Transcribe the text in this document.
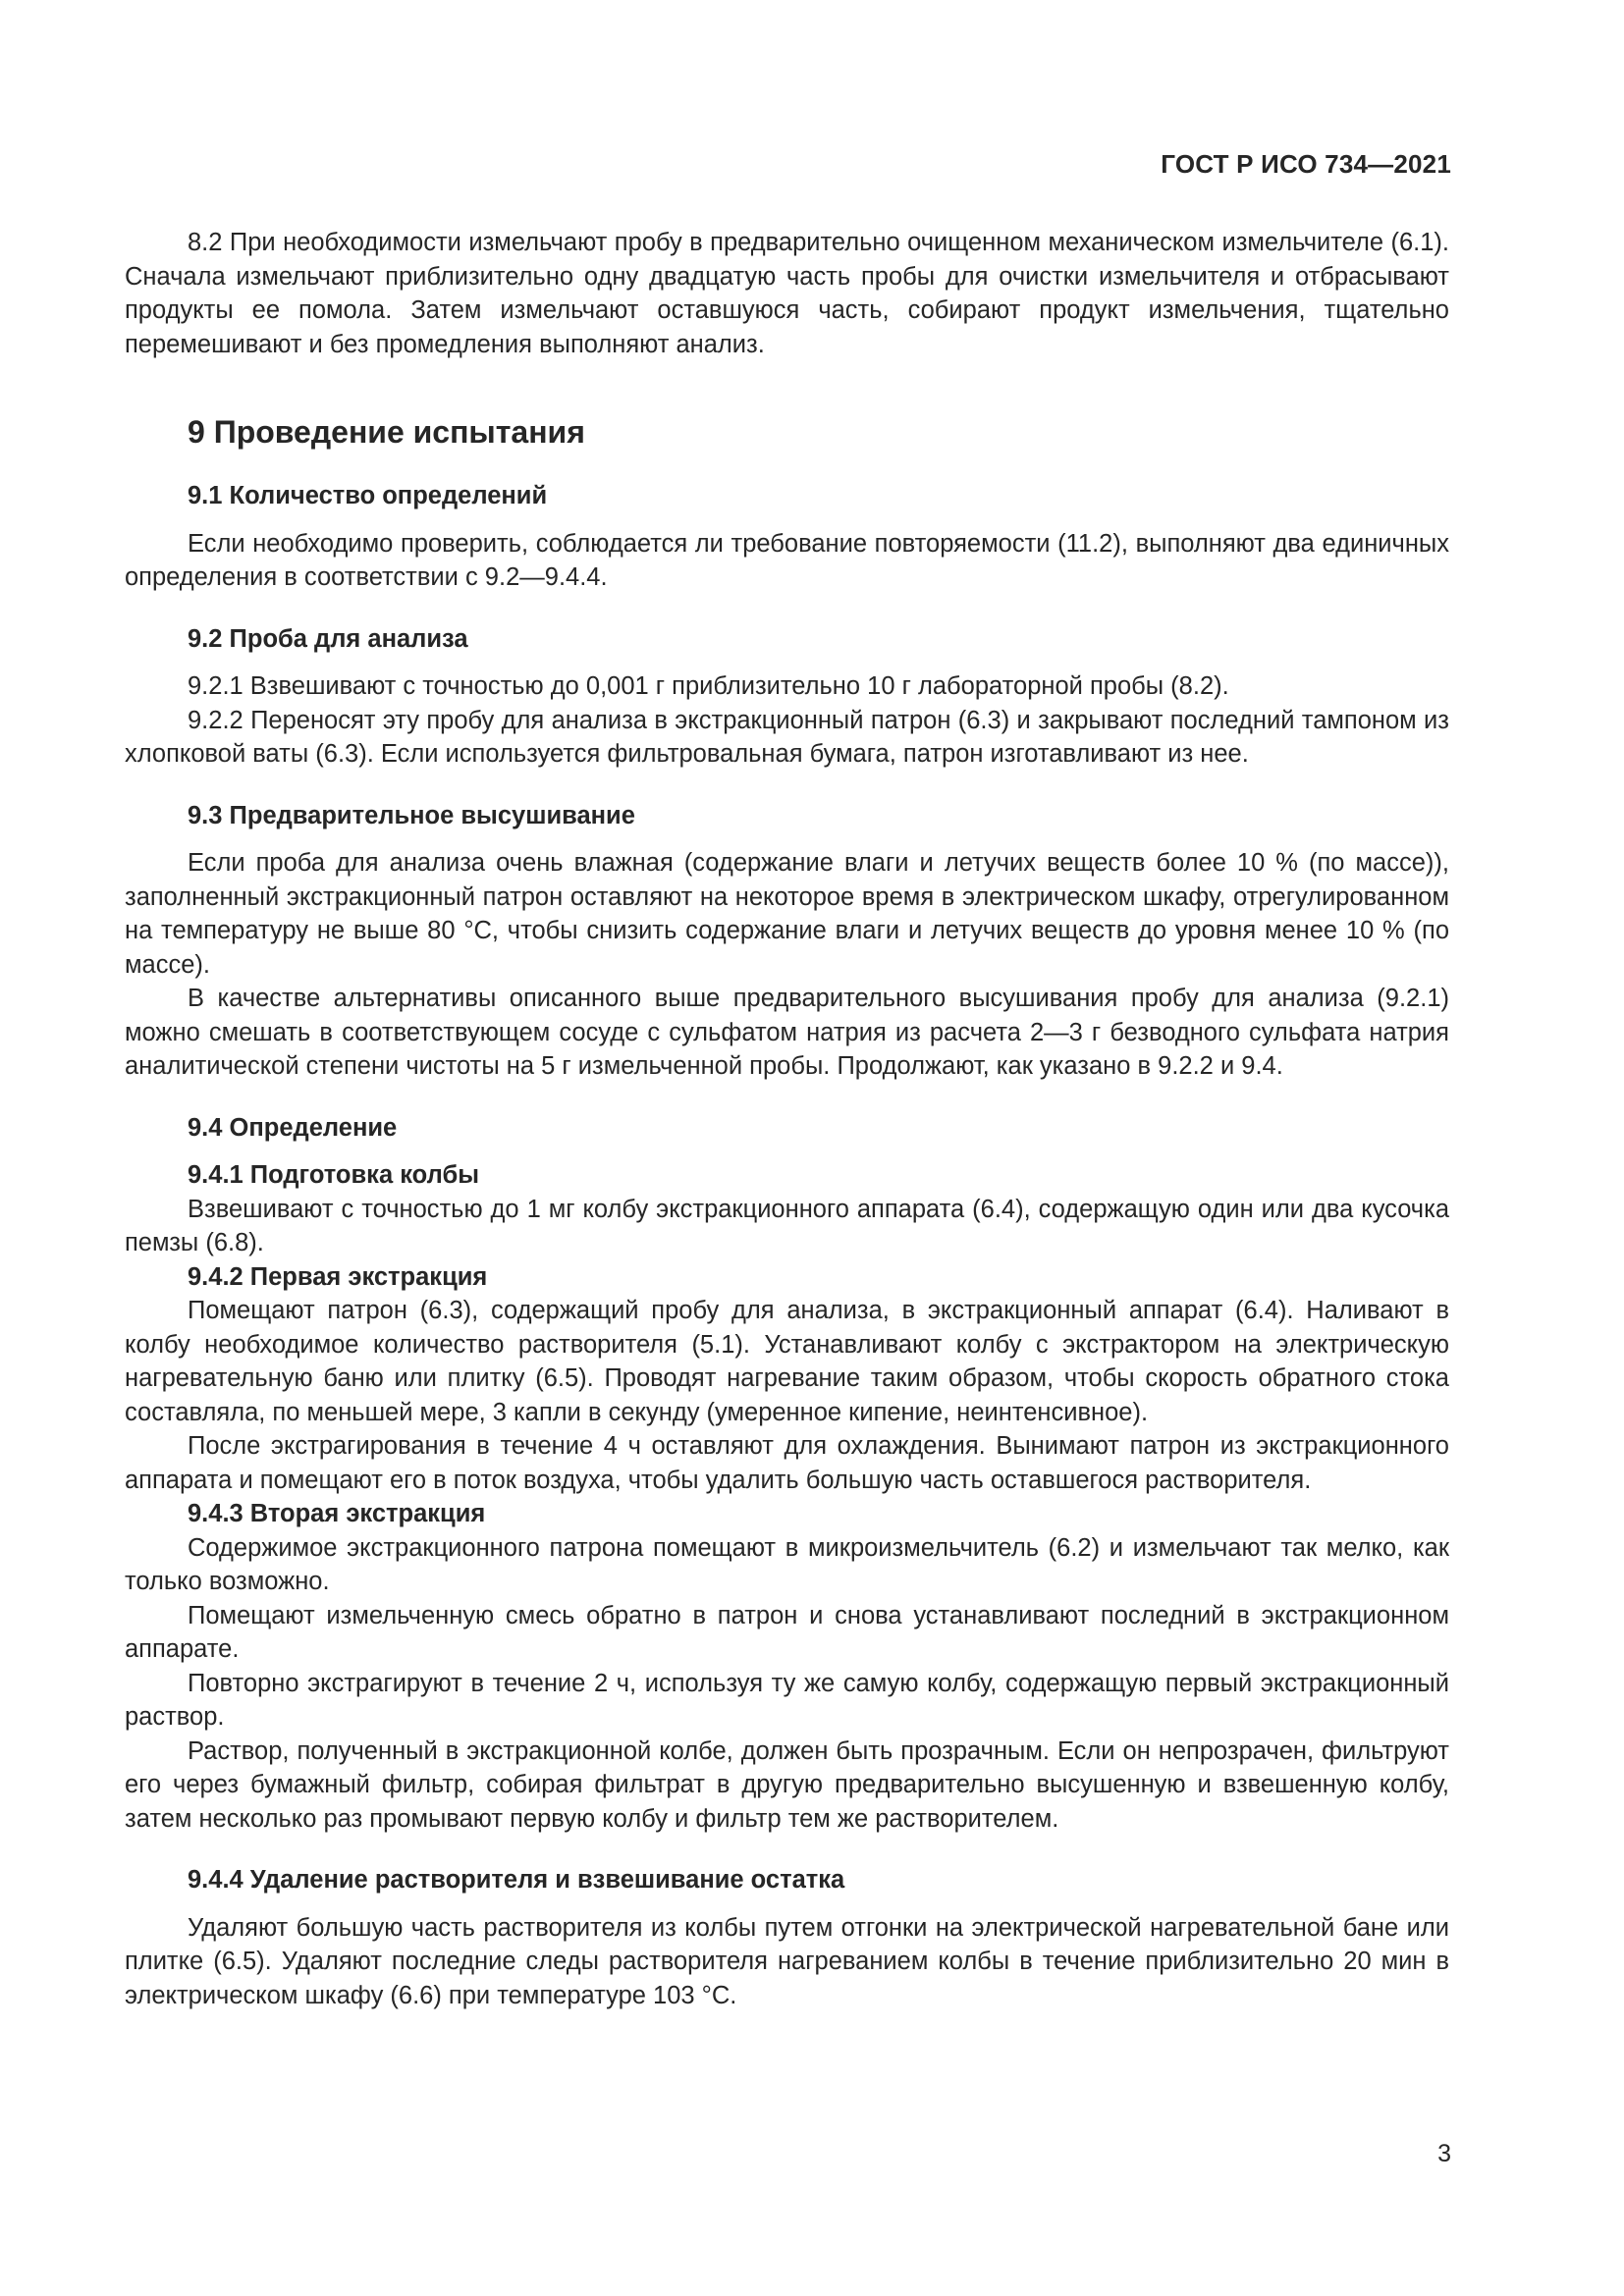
ГОСТ Р ИСО 734—2021

8.2 При необходимости измельчают пробу в предварительно очищенном механическом измельчителе (6.1). Сначала измельчают приблизительно одну двадцатую часть пробы для очистки измельчителя и отбрасывают продукты ее помола. Затем измельчают оставшуюся часть, собирают продукт измельчения, тщательно перемешивают и без промедления выполняют анализ.

9 Проведение испытания
9.1 Количество определений

Если необходимо проверить, соблюдается ли требование повторяемости (11.2), выполняют два единичных определения в соответствии с 9.2—9.4.4.

9.2 Проба для анализа

9.2.1 Взвешивают с точностью до 0,001 г приблизительно 10 г лабораторной пробы (8.2).

9.2.2 Переносят эту пробу для анализа в экстракционный патрон (6.3) и закрывают последний тампоном из хлопковой ваты (6.3). Если используется фильтровальная бумага, патрон изготавливают из нее.

9.3 Предварительное высушивание

Если проба для анализа очень влажная (содержание влаги и летучих веществ более 10 % (по массе)), заполненный экстракционный патрон оставляют на некоторое время в электрическом шкафу, отрегулированном на температуру не выше 80 °С, чтобы снизить содержание влаги и летучих веществ до уровня менее 10 % (по массе).

В качестве альтернативы описанного выше предварительного высушивания пробу для анализа (9.2.1) можно смешать в соответствующем сосуде с сульфатом натрия из расчета 2—3 г безводного сульфата натрия аналитической степени чистоты на 5 г измельченной пробы. Продолжают, как указано в 9.2.2 и 9.4.

9.4 Определение
9.4.1 Подготовка колбы

Взвешивают с точностью до 1 мг колбу экстракционного аппарата (6.4), содержащую один или два кусочка пемзы (6.8).

9.4.2 Первая экстракция

Помещают патрон (6.3), содержащий пробу для анализа, в экстракционный аппарат (6.4). Наливают в колбу необходимое количество растворителя (5.1). Устанавливают колбу с экстрактором на электрическую нагревательную баню или плитку (6.5). Проводят нагревание таким образом, чтобы скорость обратного стока составляла, по меньшей мере, 3 капли в секунду (умеренное кипение, неинтенсивное).

После экстрагирования в течение 4 ч оставляют для охлаждения. Вынимают патрон из экстракционного аппарата и помещают его в поток воздуха, чтобы удалить большую часть оставшегося растворителя.

9.4.3 Вторая экстракция

Содержимое экстракционного патрона помещают в микроизмельчитель (6.2) и измельчают так мелко, как только возможно.

Помещают измельченную смесь обратно в патрон и снова устанавливают последний в экстракционном аппарате.

Повторно экстрагируют в течение 2 ч, используя ту же самую колбу, содержащую первый экстракционный раствор.

Раствор, полученный в экстракционной колбе, должен быть прозрачным. Если он непрозрачен, фильтруют его через бумажный фильтр, собирая фильтрат в другую предварительно высушенную и взвешенную колбу, затем несколько раз промывают первую колбу и фильтр тем же растворителем.

9.4.4 Удаление растворителя и взвешивание остатка

Удаляют большую часть растворителя из колбы путем отгонки на электрической нагревательной бане или плитке (6.5). Удаляют последние следы растворителя нагреванием колбы в течение приблизительно 20 мин в электрическом шкафу (6.6) при температуре 103 °С.

3
